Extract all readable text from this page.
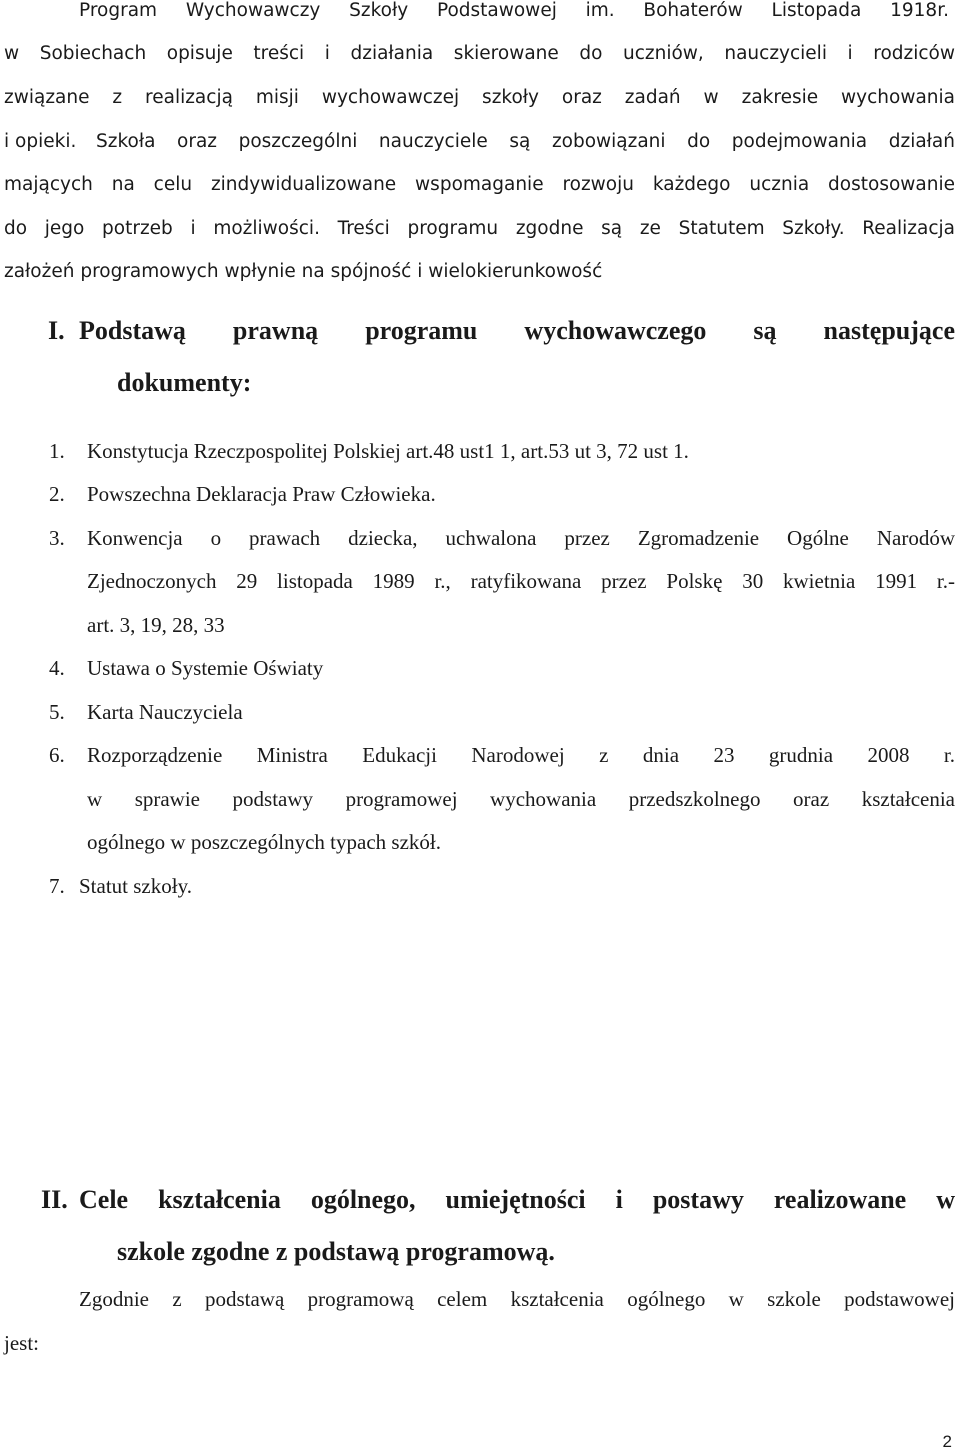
Program Wychowawczy Szkoły Podstawowej im. Bohaterów Listopada 1918r.
w Sobiechach opisuje treści i działania skierowane do uczniów, nauczycieli i rodziców
związane z realizacją misji wychowawczej szkoły oraz zadań w zakresie wychowania
i opieki. Szkoła oraz poszczególni nauczyciele są zobowiązani do podejmowania działań
mających na celu zindywidualizowane wspomaganie rozwoju każdego ucznia dostosowanie
do jego potrzeb i możliwości. Treści programu zgodne są ze Statutem Szkoły. Realizacja
założeń programowych wpłynie na spójność i wielokierunkowość
I. Podstawą prawną programu wychowawczego są następujące
dokumenty:
1. Konstytucja Rzeczpospolitej Polskiej art.48 ust1 1, art.53 ut 3, 72 ust 1.
2. Powszechna Deklaracja Praw Człowieka.
3. Konwencja o prawach dziecka, uchwalona przez Zgromadzenie Ogólne Narodów
Zjednoczonych 29 listopada 1989 r., ratyfikowana przez Polskę 30 kwietnia 1991 r.-
art. 3, 19, 28, 33
4. Ustawa o Systemie Oświaty
5. Karta Nauczyciela
6. Rozporządzenie Ministra Edukacji Narodowej z dnia 23 grudnia 2008 r.
w sprawie podstawy programowej wychowania przedszkolnego oraz kształcenia
ogólnego w poszczególnych typach szkół.
7. Statut szkoły.
II. Cele kształcenia ogólnego, umiejętności i postawy realizowane w
szkole zgodne z podstawą programową.
Zgodnie z podstawą programową celem kształcenia ogólnego w szkole podstawowej
jest:
2
